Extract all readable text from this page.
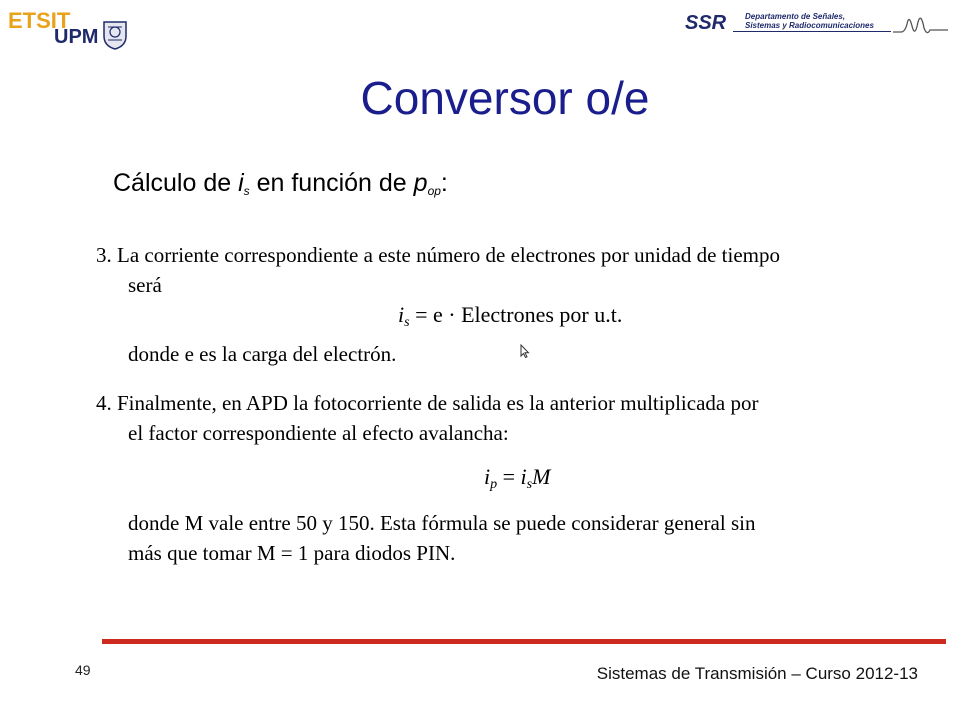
ETSIT
UPM
SSR Departamento de Señales,
Sistemas y Radiocomunicaciones
Conversor o/e
Cálculo de $i_s$ en función de $p_{op}$:
3. La corriente correspondiente a este número de electrones por unidad de tiempo
será
$i_s = e$ · Electrones por u.t.
donde e es la carga del electrón.
4. Finalmente, en APD la fotocorriente de salida es la anterior multiplicada por
el factor correspondiente al efecto avalancha:
$i_p = i_sM$
donde M vale entre 50 y 150. Esta fórmula se puede considerar general sin
más que tomar M = 1 para diodos PIN.
49	Sistemas de Transmisión – Curso 2012-13
